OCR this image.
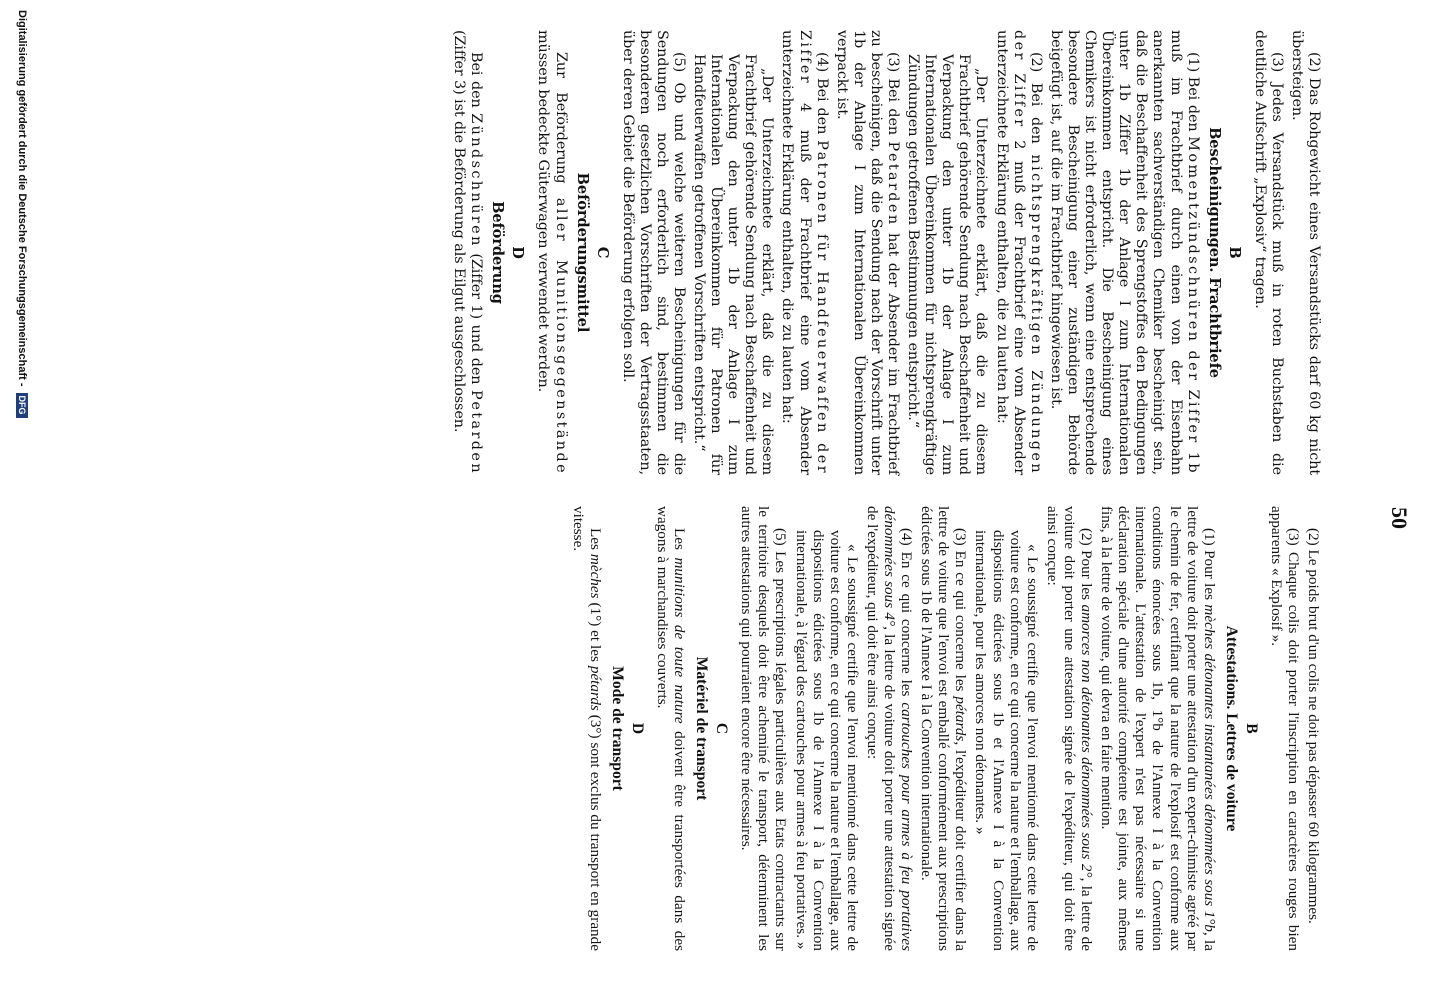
50

(2) Le poids brut d'un colis ne doit pas dépasser 60 kilogrammes.

(3) Chaque colis doit porter l'inscription en caractères rouges bien apparents « Explosif ».

B
Attestations. Lettres de voiture

(1) Pour les mèches détonantes instantanées dénommées sous 1°b, la lettre de voiture doit porter une attestation d'un expert-chimiste agréé par le chemin de fer, certifiant que la nature de l'explosif est conforme aux conditions énoncées sous 1b, 1°b de l'Annexe I à la Convention internationale. L'attestation de l'expert n'est pas nécessaire si une déclaration spéciale d'une autorité compétente est jointe, aux mêmes fins, à la lettre de voiture, qui devra en faire mention.

(2) Pour les amorces non détonantes dénommées sous 2°, la lettre de voiture doit porter une attestation signée de l'expéditeur, qui doit être ainsi conçue:

« Le soussigné certifie que l'envoi mentionné dans cette lettre de voiture est conforme, en ce qui concerne la nature et l'emballage, aux dispositions édictées sous 1b et l'Annexe I à la Convention internationale, pour les amorces non détonantes. »

(3) En ce qui concerne les pétards, l'expéditeur doit certifier dans la lettre de voiture que l'envoi est emballé conformément aux prescriptions édictées sous 1b de l'Annexe I à la Convention internationale.

(4) En ce qui concerne les cartouches pour armes à feu portatives dénommées sous 4°, la lettre de voiture doit porter une attestation signée de l'expéditeur, qui doit être ainsi conçue:

« Le soussigné certifie que l'envoi mentionné dans cette lettre de voiture est conforme, en ce qui concerne la nature et l'emballage, aux dispositions édictées sous 1b de l'Annexe I à la Convention internationale, à l'égard des cartouches pour armes à feu portatives. »

(5) Les prescriptions légales particulières aux Etats contractants sur le territoire desquels doit être acheminé le transport, déterminent les autres attestations qui pourraient encore être nécessaires.

C
Matériel de transport

Les munitions de toute nature doivent être transportées dans des wagons à marchandises couverts.

D
Mode de transport

Les mèches (1°) et les pétards (3°) sont exclus du transport en grande vitesse.

(2) Das Rohgewicht eines Versandstücks darf 60 kg nicht übersteigen.

(3) Jedes Versandstück muß in roten Buchstaben die deutliche Aufschrift „Explosiv“ tragen.

B
Bescheinigungen. Frachtbriefe

(1) Bei den Momentzündschnüren der Ziffer 1b muß im Frachtbrief durch einen von der Eisenbahn anerkannten sachverständigen Chemiker bescheinigt sein, daß die Beschaffenheit des Sprengstoffes den Bedingungen unter 1b Ziffer 1b der Anlage I zum Internationalen Übereinkommen entspricht. Die Bescheinigung eines Chemikers ist nicht erforderlich, wenn eine entsprechende besondere Bescheinigung einer zuständigen Behörde beigefügt ist, auf die im Frachtbrief hingewiesen ist.

(2) Bei den nichtsprengkräftigen Zündungen der Ziffer 2 muß der Frachtbrief eine vom Absender unterzeichnete Erklärung enthalten, die zu lauten hat:

„Der Unterzeichnete erklärt, daß die zu diesem Frachtbrief gehörende Sendung nach Beschaffenheit und Verpackung den unter 1b der Anlage I zum Internationalen Übereinkommen für nichtsprengkräftige Zündungen getroffenen Bestimmungen entspricht.“

(3) Bei den Petarden hat der Absender im Frachtbrief zu bescheinigen, daß die Sendung nach der Vorschrift unter 1b der Anlage I zum Internationalen Übereinkommen verpackt ist.

(4) Bei den Patronen für Handfeuerwaffen der Ziffer 4 muß der Frachtbrief eine vom Absender unterzeichnete Erklärung enthalten, die zu lauten hat:

„Der Unterzeichnete erklärt, daß die zu diesem Frachtbrief gehörende Sendung nach Beschaffenheit und Verpackung den unter 1b der Anlage I zum Internationalen Übereinkommen für Patronen für Handfeuerwaffen getroffenen Vorschriften entspricht.“

(5) Ob und welche weiteren Bescheinigungen für die Sendungen noch erforderlich sind, bestimmen die besonderen gesetzlichen Vorschriften der Vertragsstaaten, über deren Gebiet die Beförderung erfolgen soll.

C
Beförderungsmittel

Zur Beförderung aller Munitionsgegenstände müssen bedeckte Güterwagen verwendet werden.

D
Beförderung

Bei den Zündschnüren (Ziffer 1) und den Petarden (Ziffer 3) ist die Beförderung als Eilgut ausgeschlossen.

Digitalisierung gefördert durch die Deutsche Forschungsgemeinschaft -DFG
